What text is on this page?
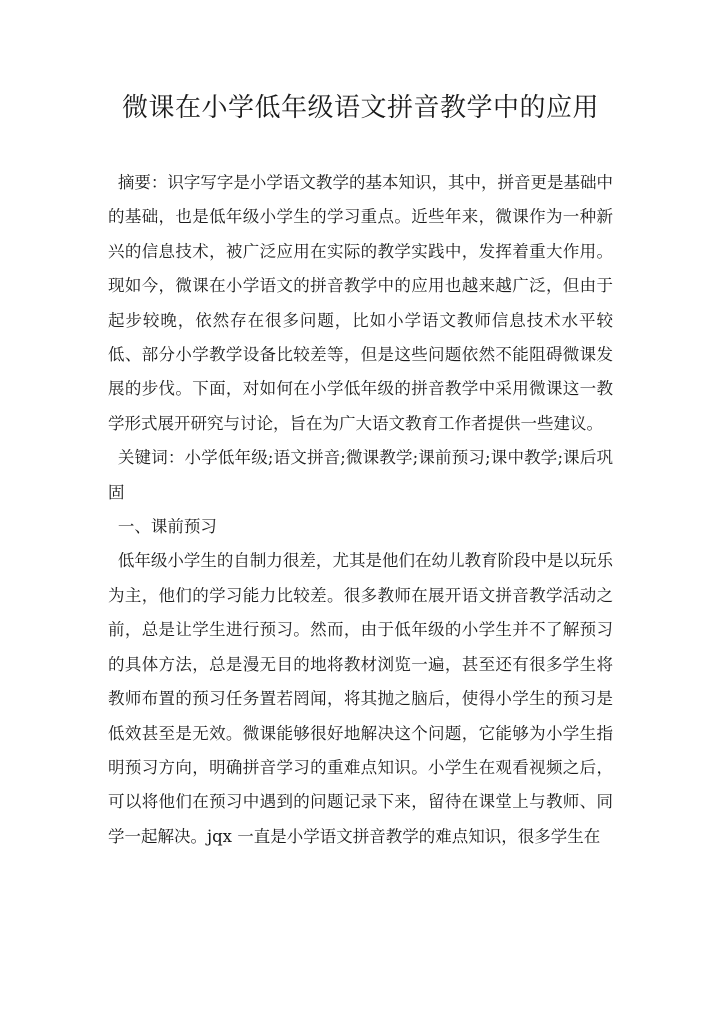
微课在小学低年级语文拼音教学中的应用

摘要：识字写字是小学语文教学的基本知识，其中，拼音更是基础中的基础，也是低年级小学生的学习重点。近些年来，微课作为一种新兴的信息技术，被广泛应用在实际的教学实践中，发挥着重大作用。现如今，微课在小学语文的拼音教学中的应用也越来越广泛，但由于起步较晚，依然存在很多问题，比如小学语文教师信息技术水平较低、部分小学教学设备比较差等，但是这些问题依然不能阻碍微课发展的步伐。下面，对如何在小学低年级的拼音教学中采用微课这一教学形式展开研究与讨论，旨在为广大语文教育工作者提供一些建议。

关键词：小学低年级;语文拼音;微课教学;课前预习;课中教学;课后巩固

一、课前预习

低年级小学生的自制力很差，尤其是他们在幼儿教育阶段中是以玩乐为主，他们的学习能力比较差。很多教师在展开语文拼音教学活动之前，总是让学生进行预习。然而，由于低年级的小学生并不了解预习的具体方法，总是漫无目的地将教材浏览一遍，甚至还有很多学生将教师布置的预习任务置若罔闻，将其抛之脑后，使得小学生的预习是低效甚至是无效。微课能够很好地解决这个问题，它能够为小学生指明预习方向，明确拼音学习的重难点知识。小学生在观看视频之后，可以将他们在预习中遇到的问题记录下来，留待在课堂上与教师、同学一起解决。jqx 一直是小学语文拼音教学的难点知识，很多学生在
